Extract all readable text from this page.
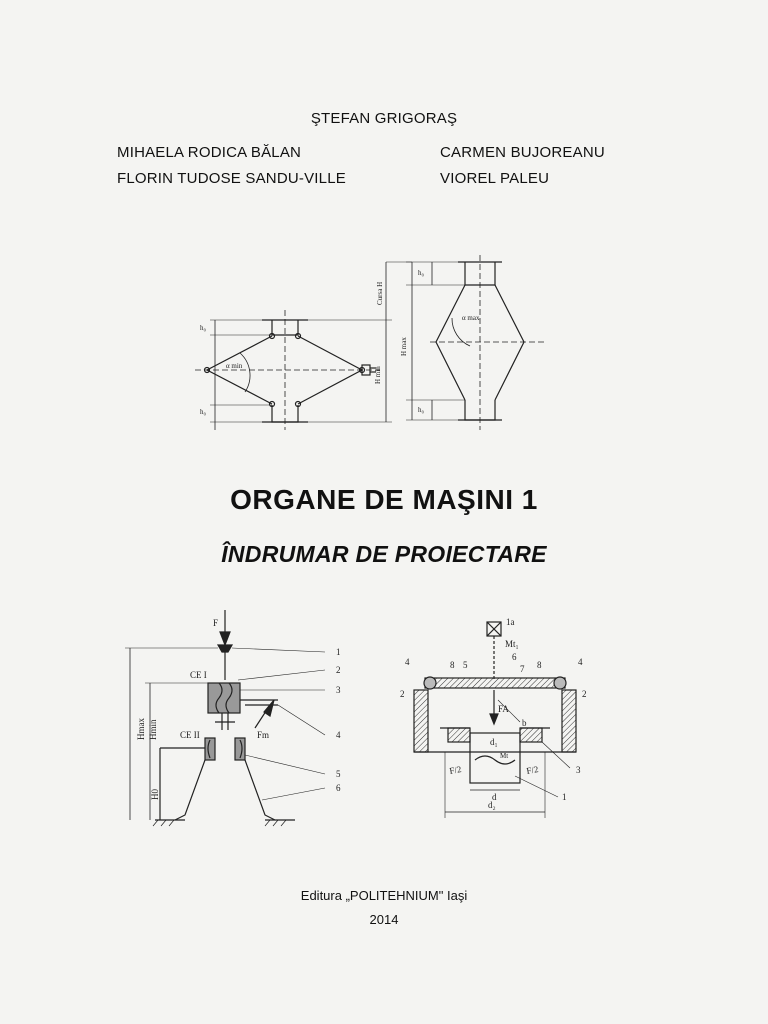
ŞTEFAN GRIGORAŞ
MIHAELA RODICA BĂLAN
FLORIN TUDOSE SANDU-VILLE
CARMEN BUJOREANU
VIOREL PALEU
h₀
h₀
α min
H min
h₀
h₀
α max
Cursa H
H max
ORGANE DE MAŞINI 1
ÎNDRUMAR DE PROIECTARE
F
CE I
CE II	Fm
Hmax Hmin
H0
1
2
3
4
5
6
1a
Mt₁
FA
b
Mt
d₁
d
d₂
F/2	F/2
4	8 5
6
7 8	4
2	2
3
1
Editura „POLITEHNIUM" Iaşi
2014
